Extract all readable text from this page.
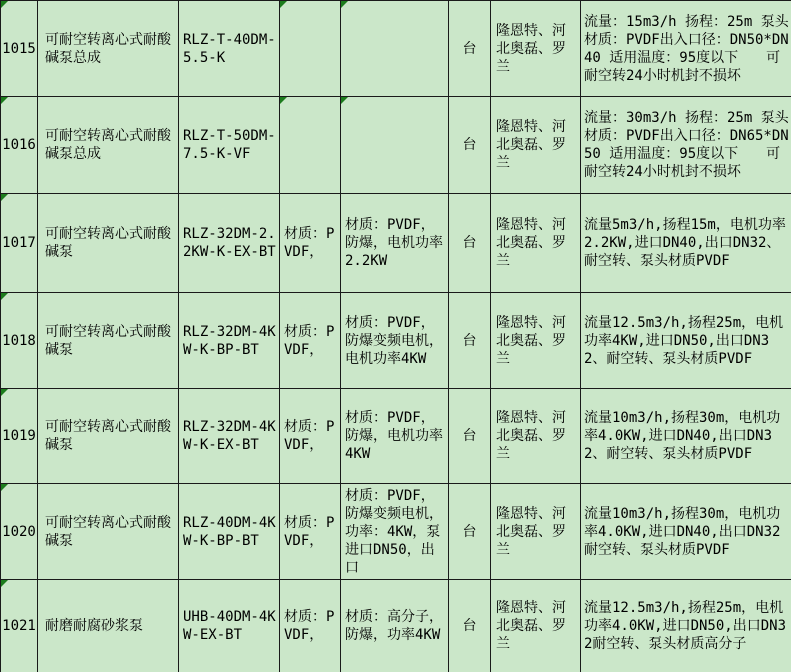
1015	可耐空转离心式耐酸碱泵总成	RLZ-T-40DM-5.5-K			台	隆恩特、河北奥磊、罗兰	流量：15m3/h 扬程：25m 泵头材质：PVDF出入口径：DN50*DN40 适用温度：95度以下　　可耐空转24小时机封不损坏

1016	可耐空转离心式耐酸碱泵总成	RLZ-T-50DM-7.5-K-VF			台	隆恩特、河北奥磊、罗兰	流量：30m3/h 扬程：25m 泵头材质：PVDF出入口径：DN65*DN50 适用温度：95度以下　　可耐空转24小时机封不损坏

1017	可耐空转离心式耐酸碱泵	RLZ-32DM-2.2KW-K-EX-BT	材质：PVDF，	材质：PVDF，防爆，电机功率2.2KW	台	隆恩特、河北奥磊、罗兰	流量5m3/h,扬程15m，电机功率2.2KW,进口DN40,出口DN32、耐空转、泵头材质PVDF

1018	可耐空转离心式耐酸碱泵	RLZ-32DM-4KW-K-BP-BT	材质：PVDF，	材质：PVDF，防爆变频电机，电机功率4KW	台	隆恩特、河北奥磊、罗兰	流量12.5m3/h,扬程25m，电机功率4KW,进口DN50,出口DN32、耐空转、泵头材质PVDF

1019	可耐空转离心式耐酸碱泵	RLZ-32DM-4KW-K-EX-BT	材质：PVDF，	材质：PVDF，防爆，电机功率4KW	台	隆恩特、河北奥磊、罗兰	流量10m3/h,扬程30m，电机功率4.0KW,进口DN40,出口DN32、耐空转、泵头材质PVDF

1020	可耐空转离心式耐酸碱泵	RLZ-40DM-4KW-K-BP-BT	材质：PVDF，	材质：PVDF，防爆变频电机，功率：4KW，泵进口DN50，出口	台	隆恩特、河北奥磊、罗兰	流量10m3/h,扬程30m，电机功率4.0KW,进口DN40,出口DN32耐空转、泵头材质PVDF

1021	耐磨耐腐砂浆泵	UHB-40DM-4KW-EX-BT	材质：PVDF，	材质：高分子，防爆，功率4KW	台	隆恩特、河北奥磊、罗兰	流量12.5m3/h,扬程25m，电机功率4.0KW,进口DN50,出口DN32耐空转、泵头材质高分子
